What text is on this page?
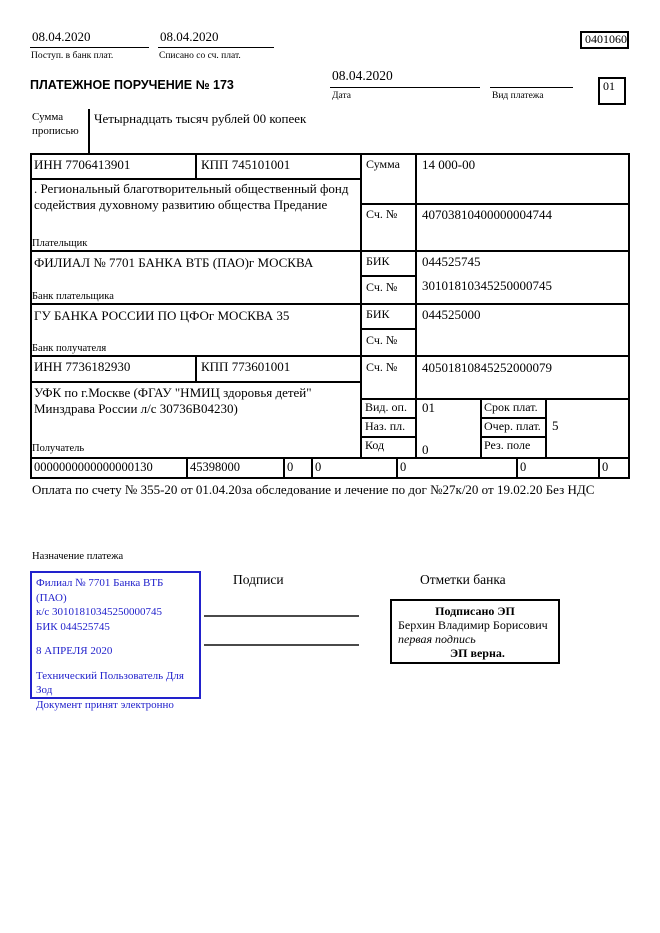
08.04.2020
Поступ. в банк плат.
08.04.2020
Списано со сч. плат.
0401060
ПЛАТЕЖНОЕ ПОРУЧЕНИЕ № 173
08.04.2020
Дата	Вид платежа
01
Сумма прописью
Четырнадцать тысяч рублей 00 копеек
ИНН 7706413901	КПП 745101001
. Региональный благотворительный общественный фонд содействия духовному развитию общества Предание
Плательщик
Сумма 14 000-00
Сч. № 40703810400000004744
ФИЛИАЛ № 7701 БАНКА ВТБ (ПАО)г МОСКВА
Банк плательщика
БИК 044525745
Сч. № 30101810345250000745
ГУ БАНКА РОССИИ ПО ЦФОг МОСКВА 35
Банк получателя
БИК 044525000
Сч. №
ИНН 7736182930	КПП 773601001	Сч. № 40501810845252000079
УФК по г.Москве (ФГАУ "НМИЦ здоровья детей" Минздрава России л/с 30736В04230)
Получатель
Вид. оп. 01
Наз. пл.
Код	0
Срок плат.
Очер. плат. 5
Рез. поле
0000000000000000130	45398000	0 0	0	0	0
Оплата по счету № 355-20 от 01.04.20за обследование и лечение по дог №27к/20 от 19.02.20 Без НДС
Назначение платежа
Филиал № 7701 Банка ВТБ (ПАО)
к/с 30101810345250000745
БИК 044525745
8 АПРЕЛЯ 2020
Технический Пользователь Для Зод
Документ принят электронно
Подписи	Отметки банка
Подписано ЭП
Берхин Владимир Борисович
первая подпись
ЭП верна.
